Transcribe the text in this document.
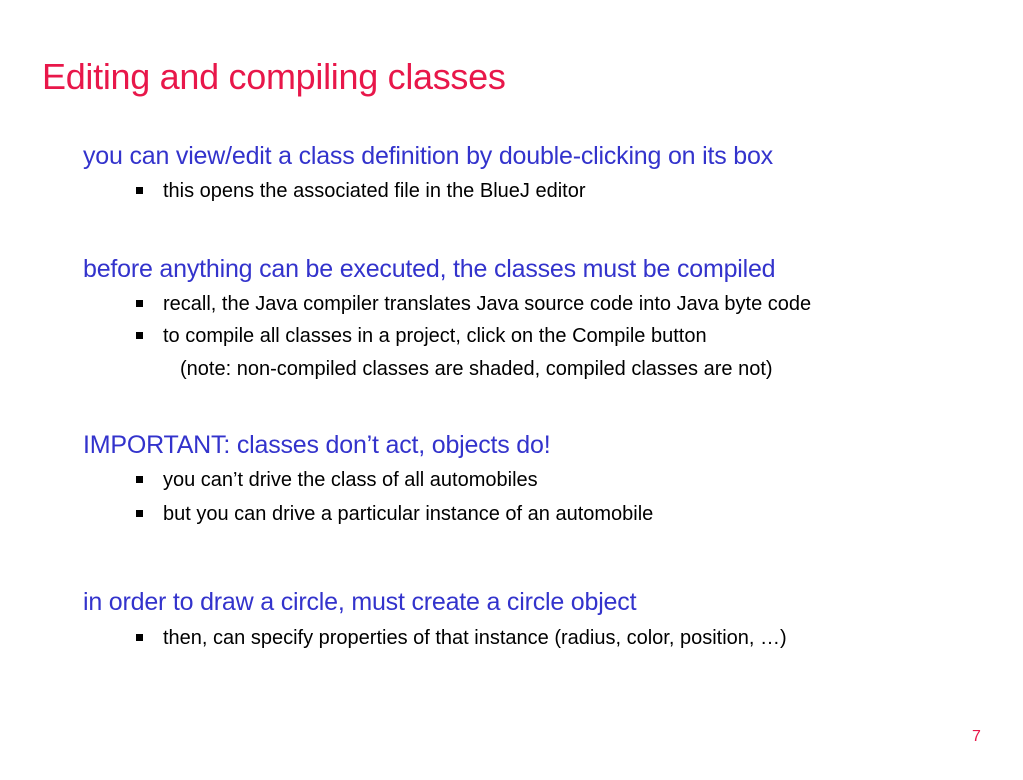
Editing and compiling classes
you can view/edit a class definition by double-clicking on its box
this opens the associated file in the BlueJ editor
before anything can be executed, the classes must be compiled
recall, the Java compiler translates Java source code into Java byte code
to compile all classes in a project, click on the Compile button
(note: non-compiled classes are shaded, compiled classes are not)
IMPORTANT: classes don’t act, objects do!
you can’t drive the class of all automobiles
but you can drive a particular instance of an automobile
in order to draw a circle, must create a circle object
then, can specify properties of that instance (radius, color, position, …)
7
